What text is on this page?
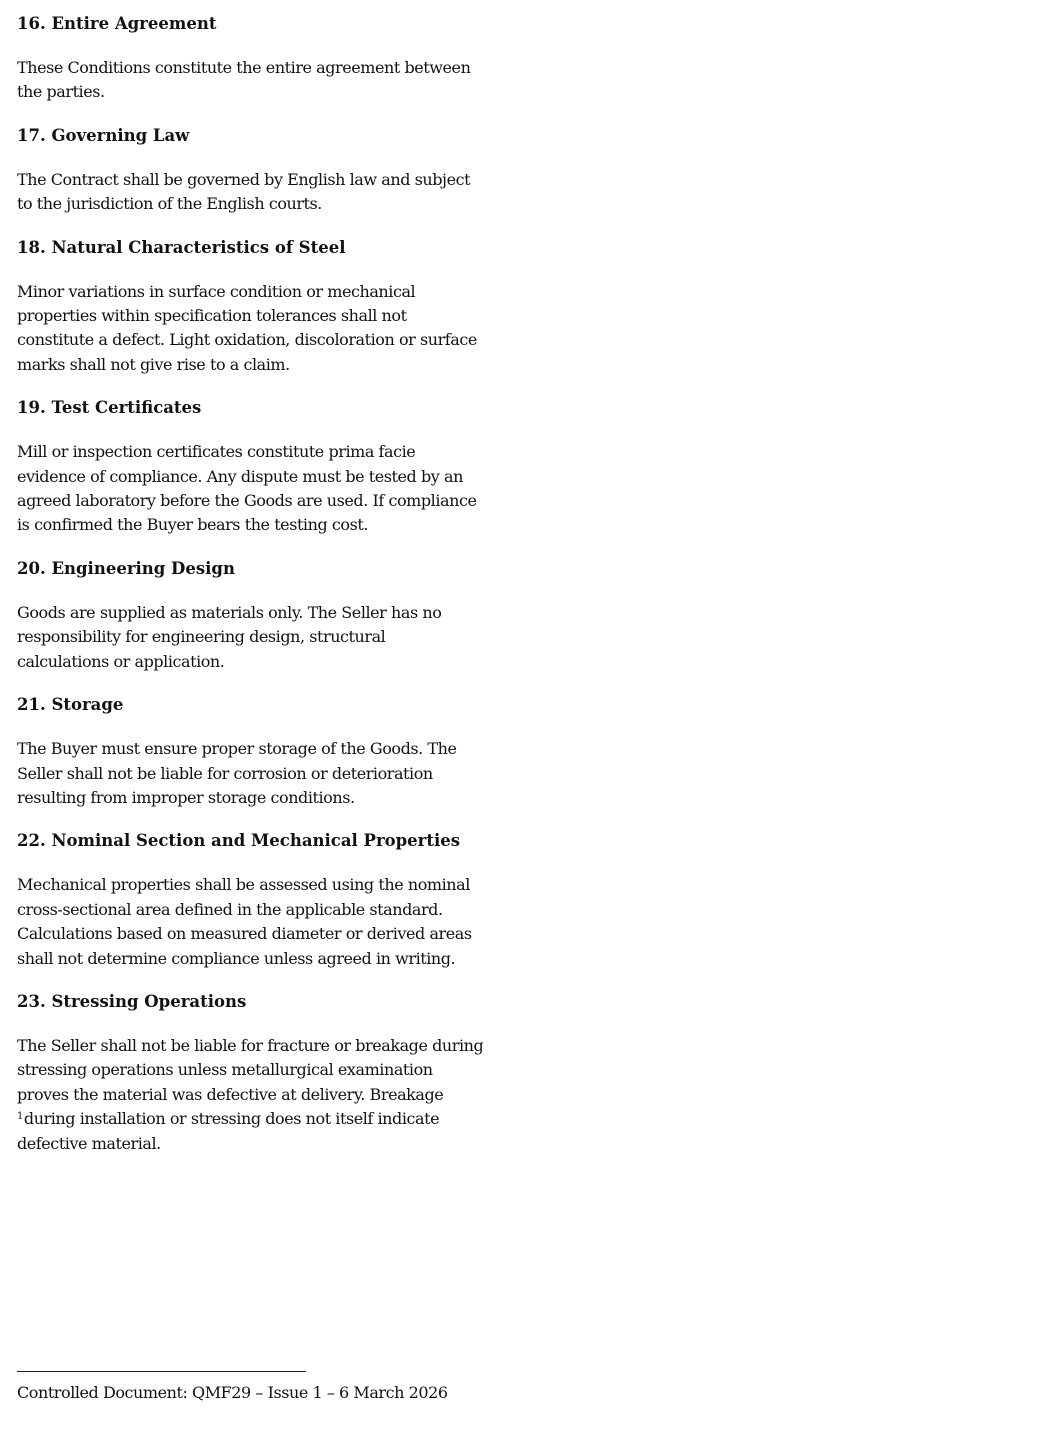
16. Entire Agreement

These Conditions constitute the entire agreement between
the parties.

17. Governing Law

The Contract shall be governed by English law and subject
to the jurisdiction of the English courts.

18. Natural Characteristics of Steel

Minor variations in surface condition or mechanical
properties within specification tolerances shall not
constitute a defect. Light oxidation, discoloration or surface
marks shall not give rise to a claim.

19. Test Certificates

Mill or inspection certificates constitute prima facie
evidence of compliance. Any dispute must be tested by an
agreed laboratory before the Goods are used. If compliance
is confirmed the Buyer bears the testing cost.

20. Engineering Design

Goods are supplied as materials only. The Seller has no
responsibility for engineering design, structural
calculations or application.

21. Storage

The Buyer must ensure proper storage of the Goods. The
Seller shall not be liable for corrosion or deterioration
resulting from improper storage conditions.

22. Nominal Section and Mechanical Properties

Mechanical properties shall be assessed using the nominal
cross-sectional area defined in the applicable standard.
Calculations based on measured diameter or derived areas
shall not determine compliance unless agreed in writing.

23. Stressing Operations

The Seller shall not be liable for fracture or breakage during
stressing operations unless metallurgical examination
proves the material was defective at delivery. Breakage
$^1$during installation or stressing does not itself indicate
defective material.

Controlled Document: QMF29 – Issue 1 – 6 March 2026
